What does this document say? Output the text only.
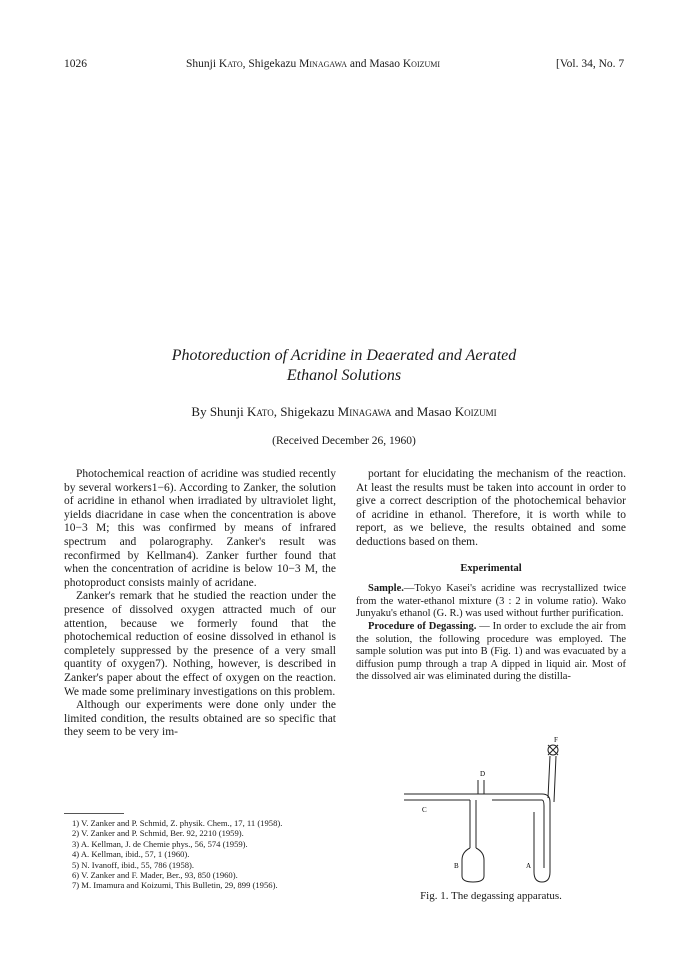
1026	Shunji Kato, Shigekazu Minagawa and Masao Koizumi	[Vol. 34, No. 7
Photoreduction of Acridine in Deaerated and Aerated
Ethanol Solutions
By Shunji Kato, Shigekazu Minagawa and Masao Koizumi
(Received December 26, 1960)

Photochemical reaction of acridine was studied recently by several workers1−6). According to Zanker, the solution of acridine in ethanol when irradiated by ultraviolet light, yields diacridane in case when the concentration is above 10−3 M; this was confirmed by means of infrared spectrum and polarography. Zanker's result was reconfirmed by Kellman4). Zanker further found that when the concentration of acridine is below 10−3 M, the photoproduct consists mainly of acridane.

Zanker's remark that he studied the reaction under the presence of dissolved oxygen attracted much of our attention, because we formerly found that the photochemical reduction of eosine dissolved in ethanol is completely suppressed by the presence of a very small quantity of oxygen7). Nothing, however, is described in Zanker's paper about the effect of oxygen on the reaction. We made some preliminary investigations on this problem.

Although our experiments were done only under the limited condition, the results obtained are so specific that they seem to be very im-

portant for elucidating the mechanism of the reaction. At least the results must be taken into account in order to give a correct description of the photochemical behavior of acridine in ethanol. Therefore, it is worth while to report, as we believe, the results obtained and some deductions based on them.

Experimental

Sample.—Tokyo Kasei's acridine was recrystallized twice from the water-ethanol mixture (3 : 2 in volume ratio). Wako Junyaku's ethanol (G. R.) was used without further purification.

Procedure of Degassing. — In order to exclude the air from the solution, the following procedure was employed. The sample solution was put into B (Fig. 1) and was evacuated by a diffusion pump through a trap A dipped in liquid air. Most of the dissolved air was eliminated during the distilla-

1) V. Zanker and P. Schmid, Z. physik. Chem., 17, 11 (1958).
2) V. Zanker and P. Schmid, Ber. 92, 2210 (1959).
3) A. Kellman, J. de Chemie phys., 56, 574 (1959).
4) A. Kellman, ibid., 57, 1 (1960).
5) N. Ivanoff, ibid., 55, 786 (1958).
6) V. Zanker and F. Mader, Ber., 93, 850 (1960).
7) M. Imamura and Koizumi, This Bulletin, 29, 899 (1956).
F
D
C
B	A
Fig. 1. The degassing apparatus.
